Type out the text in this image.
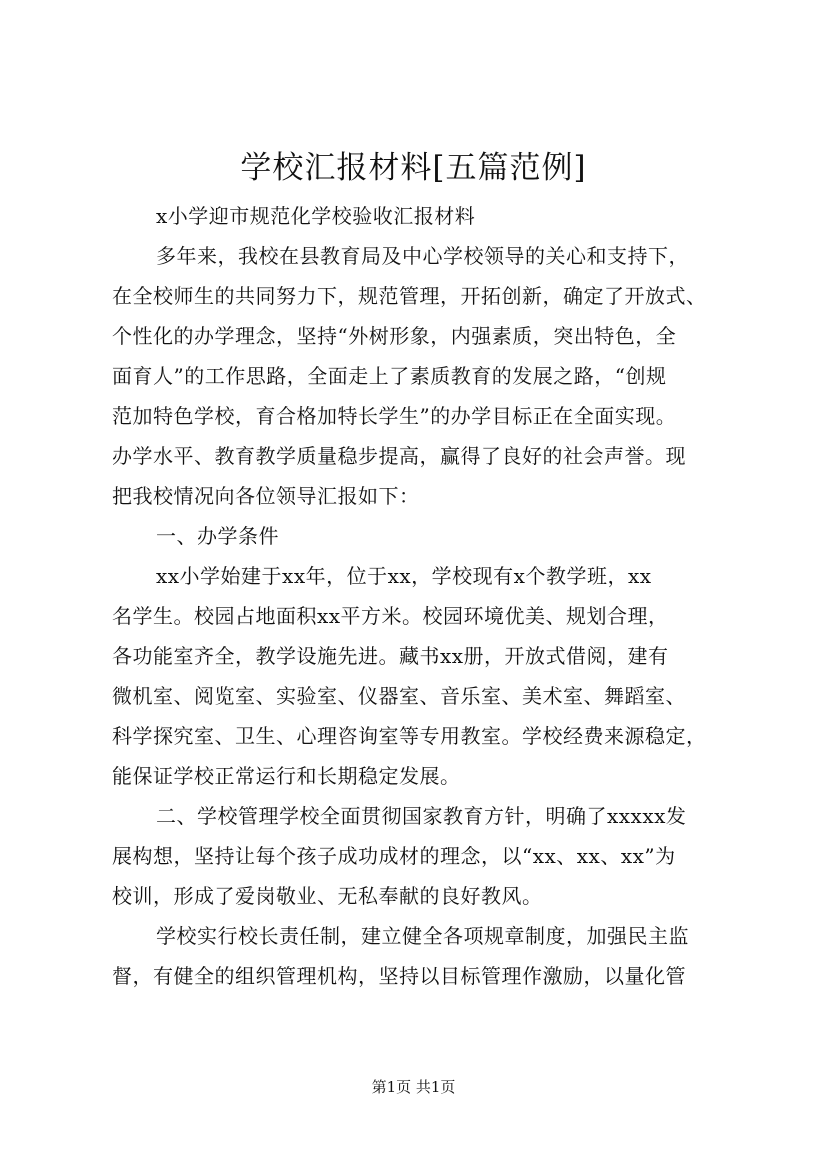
学校汇报材料[五篇范例]
x小学迎市规范化学校验收汇报材料
多年来，我校在县教育局及中心学校领导的关心和支持下，
在全校师生的共同努力下，规范管理，开拓创新，确定了开放式、
个性化的办学理念，坚持“外树形象，内强素质，突出特色，全
面育人”的工作思路，全面走上了素质教育的发展之路，“创规
范加特色学校，育合格加特长学生”的办学目标正在全面实现。
办学水平、教育教学质量稳步提高，赢得了良好的社会声誉。现
把我校情况向各位领导汇报如下：
一、办学条件
xx小学始建于xx年，位于xx，学校现有x个教学班，xx
名学生。校园占地面积xx平方米。校园环境优美、规划合理，
各功能室齐全，教学设施先进。藏书xx册，开放式借阅，建有
微机室、阅览室、实验室、仪器室、音乐室、美术室、舞蹈室、
科学探究室、卫生、心理咨询室等专用教室。学校经费来源稳定，
能保证学校正常运行和长期稳定发展。
二、学校管理学校全面贯彻国家教育方针，明确了xxxxx发
展构想，坚持让每个孩子成功成材的理念，以“xx、xx、xx”为
校训，形成了爱岗敬业、无私奉献的良好教风。
学校实行校长责任制，建立健全各项规章制度，加强民主监
督，有健全的组织管理机构，坚持以目标管理作激励，以量化管
第1页 共1页
